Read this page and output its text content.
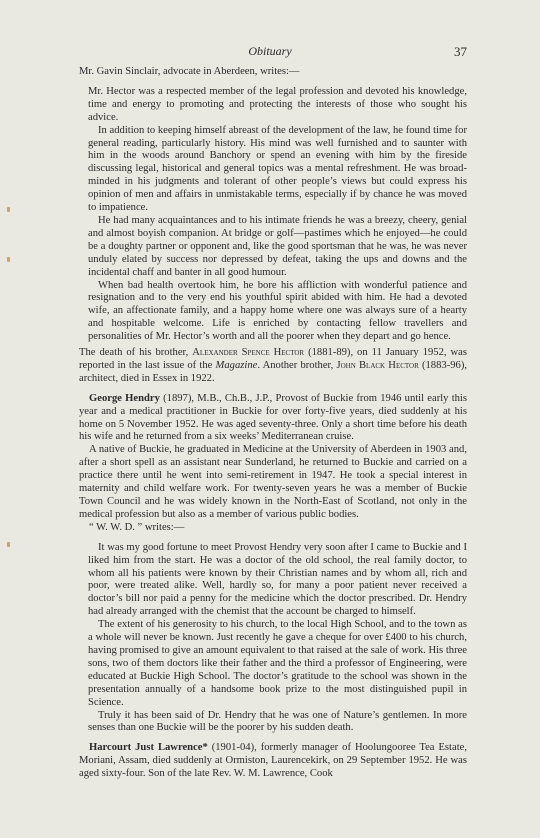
Obituary	37

Mr. Gavin Sinclair, advocate in Aberdeen, writes:—

Mr. Hector was a respected member of the legal profession and devoted his knowledge, time and energy to promoting and protecting the interests of those who sought his advice.

In addition to keeping himself abreast of the development of the law, he found time for general reading, particularly history. His mind was well furnished and to saunter with him in the woods around Banchory or spend an evening with him by the fireside discussing legal, historical and general topics was a mental refreshment. He was broad-minded in his judgments and tolerant of other people’s views but could express his opinion of men and affairs in unmistakable terms, especially if by chance he was moved to impatience.

He had many acquaintances and to his intimate friends he was a breezy, cheery, genial and almost boyish companion. At bridge or golf—pastimes which he enjoyed—he could be a doughty partner or opponent and, like the good sportsman that he was, he was never unduly elated by success nor depressed by defeat, taking the ups and downs and the incidental chaff and banter in all good humour.

When bad health overtook him, he bore his affliction with wonderful patience and resignation and to the very end his youthful spirit abided with him. He had a devoted wife, an affectionate family, and a happy home where one was always sure of a hearty and hospitable welcome. Life is enriched by contacting fellow travellers and personalities of Mr. Hector’s worth and all the poorer when they depart and go hence.

The death of his brother, Alexander Spence Hector (1881-89), on 11 January 1952, was reported in the last issue of the Magazine. Another brother, John Black Hector (1883-96), architect, died in Essex in 1922.

George Hendry (1897), M.B., Ch.B., J.P., Provost of Buckie from 1946 until early this year and a medical practitioner in Buckie for over forty-five years, died suddenly at his home on 5 November 1952. He was aged seventy-three. Only a short time before his death his wife and he returned from a six weeks’ Mediterranean cruise.

A native of Buckie, he graduated in Medicine at the University of Aberdeen in 1903 and, after a short spell as an assistant near Sunderland, he returned to Buckie and carried on a practice there until he went into semi-retirement in 1947. He took a special interest in maternity and child welfare work. For twenty-seven years he was a member of Buckie Town Council and he was widely known in the North-East of Scotland, not only in the medical profession but also as a member of various public bodies.

“ W. W. D. ” writes:—

It was my good fortune to meet Provost Hendry very soon after I came to Buckie and I liked him from the start. He was a doctor of the old school, the real family doctor, to whom all his patients were known by their Christian names and by whom all, rich and poor, were treated alike. Well, hardly so, for many a poor patient never received a doctor’s bill nor paid a penny for the medicine which the doctor prescribed. Dr. Hendry had already arranged with the chemist that the account be charged to himself.

The extent of his generosity to his church, to the local High School, and to the town as a whole will never be known. Just recently he gave a cheque for over £400 to his church, having promised to give an amount equivalent to that raised at the sale of work. His three sons, two of them doctors like their father and the third a professor of Engineering, were educated at Buckie High School. The doctor’s gratitude to the school was shown in the presentation annually of a handsome book prize to the most distinguished pupil in Science.

Truly it has been said of Dr. Hendry that he was one of Nature’s gentlemen. In more senses than one Buckie will be the poorer by his sudden death.

Harcourt Just Lawrence* (1901-04), formerly manager of Hoolungooree Tea Estate, Moriani, Assam, died suddenly at Ormiston, Laurencekirk, on 29 September 1952. He was aged sixty-four. Son of the late Rev. W. M. Lawrence, Cook
